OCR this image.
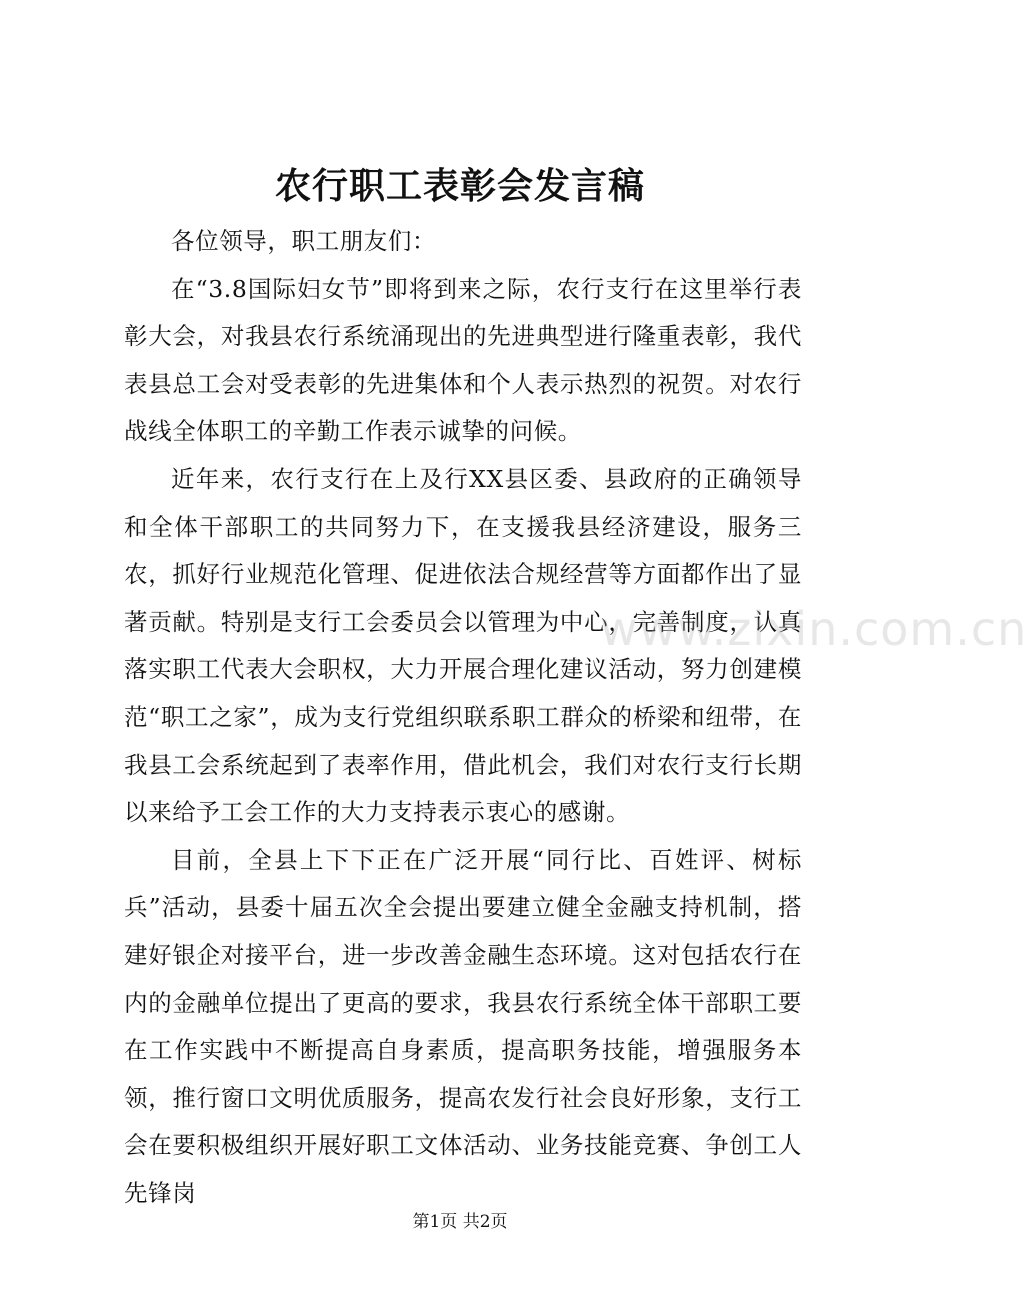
农行职工表彰会发言稿

各位领导，职工朋友们：

在“3.8国际妇女节”即将到来之际，农行支行在这里举行表彰大会，对我县农行系统涌现出的先进典型进行隆重表彰，我代表县总工会对受表彰的先进集体和个人表示热烈的祝贺。对农行战线全体职工的辛勤工作表示诚挚的问候。

近年来，农行支行在上及行XX县区委、县政府的正确领导和全体干部职工的共同努力下，在支援我县经济建设，服务三农，抓好行业规范化管理、促进依法合规经营等方面都作出了显著贡献。特别是支行工会委员会以管理为中心，完善制度，认真落实职工代表大会职权，大力开展合理化建议活动，努力创建模范“职工之家”，成为支行党组织联系职工群众的桥梁和纽带，在我县工会系统起到了表率作用，借此机会，我们对农行支行长期以来给予工会工作的大力支持表示衷心的感谢。

目前，全县上下下正在广泛开展“同行比、百姓评、树标兵”活动，县委十届五次全会提出要建立健全金融支持机制，搭建好银企对接平台，进一步改善金融生态环境。这对包括农行在内的金融单位提出了更高的要求，我县农行系统全体干部职工要在工作实践中不断提高自身素质，提高职务技能，增强服务本领，推行窗口文明优质服务，提高农发行社会良好形象，支行工会在要积极组织开展好职工文体活动、业务技能竞赛、争创工人先锋岗

www.zixin.com.cn
第1页 共2页
